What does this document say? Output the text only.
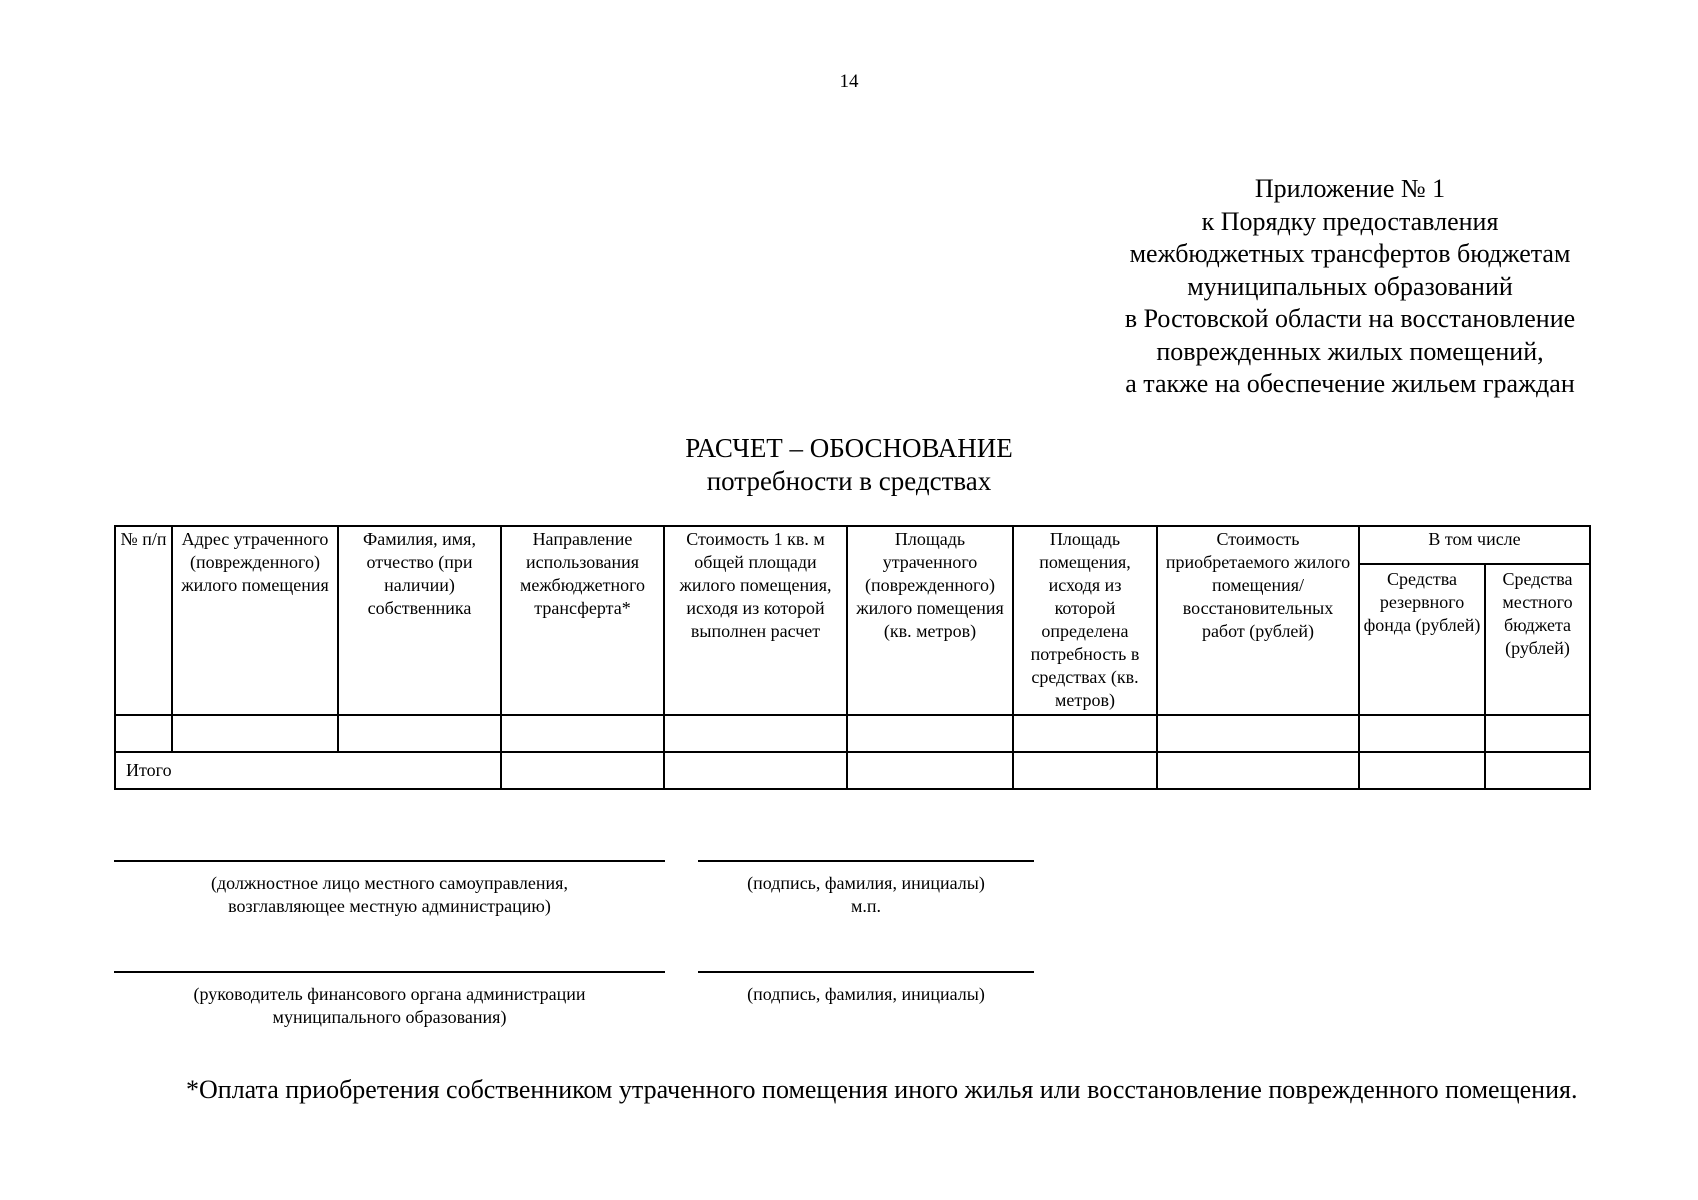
14
Приложение № 1
к Порядку предоставления
межбюджетных трансфертов бюджетам
муниципальных образований
в Ростовской области на восстановление
поврежденных жилых помещений,
а также на обеспечение жильем граждан
РАСЧЕТ – ОБОСНОВАНИЕ
потребности в средствах
№ п/п	Адрес утраченного (поврежденного) жилого помещения	Фамилия, имя, отчество (при наличии) собственника	Направление использования межбюджетного трансферта*	Стоимость 1 кв. м общей площади жилого помещения, исходя из которой выполнен расчет	Площадь утраченного (поврежденного) жилого помещения (кв. метров)	Площадь помещения, исходя из которой определена потребность в средствах (кв. метров)	Стоимость приобретаемого жилого помещения/ восстановительных работ (рублей)	В том числе	
								Средства резервного фонда (рублей)	Средства местного бюджета (рублей)

Итого									
(должностное лицо местного самоуправления,
возглавляющее местную администрацию)
(подпись, фамилия, инициалы)
м.п.
(руководитель финансового органа администрации
муниципального образования)
(подпись, фамилия, инициалы)
*Оплата приобретения собственником утраченного помещения иного жилья или восстановление поврежденного помещения.
